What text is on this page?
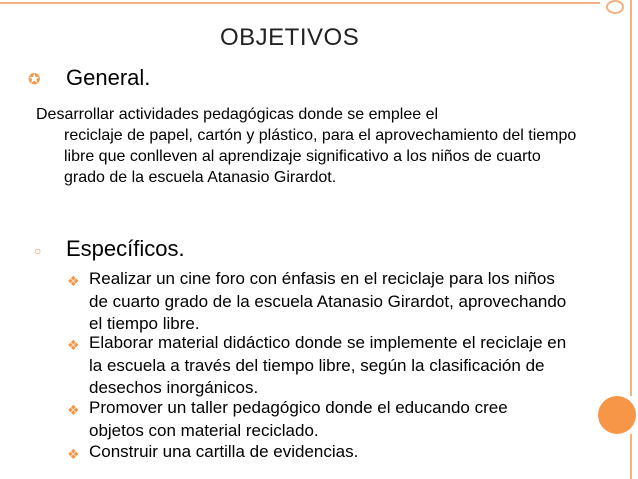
OBJETIVOS
✪ General.
Desarrollar actividades pedagógicas donde se emplee el
reciclaje de papel, cartón y plástico, para el aprovechamiento del tiempo libre que conlleven al aprendizaje significativo a los niños de cuarto grado de la escuela Atanasio Girardot.
○ Específicos.
❖ Realizar un cine foro con énfasis en el reciclaje para los niños de cuarto grado de la escuela Atanasio Girardot, aprovechando el tiempo libre.
❖ Elaborar material didáctico donde se implemente el reciclaje en la escuela a través del tiempo libre, según la clasificación de desechos inorgánicos.
❖ Promover un taller pedagógico donde el educando cree objetos con material reciclado.
❖ Construir una cartilla de evidencias.
